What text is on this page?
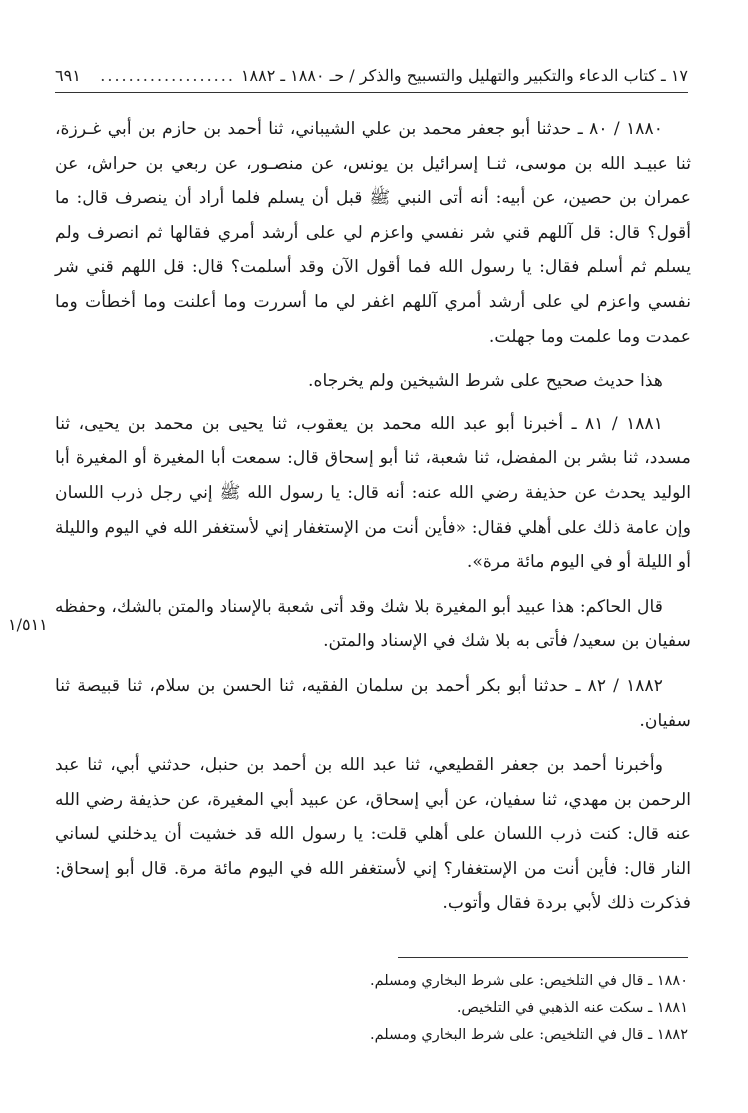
١٧ ـ كتاب الدعاء والتكبير والتهليل والتسبيح والذكر / حـ ١٨٨٠ ـ ١٨٨٢
...................
٦٩١

١٨٨٠ / ٨٠ ـ حدثنا أبو جعفر محمد بن علي الشيباني، ثنا أحمد بن حازم بن أبي غـرزة، ثنا عبيـد الله بن موسى، ثنـا إسرائيل بن يونس، عن منصـور، عن ربعي بن حراش، عن عمران بن حصين، عن أبيه: أنه أتى النبي ﷺ قبل أن يسلم فلما أراد أن ينصرف قال: ما أقول؟ قال: قل آللهم قني شر نفسي واعزم لي على أرشد أمري فقالها ثم انصرف ولم يسلم ثم أسلم فقال: يا رسول الله فما أقول الآن وقد أسلمت؟ قال: قل اللهم قني شر نفسي واعزم لي على أرشد أمري آللهم اغفر لي ما أسررت وما أعلنت وما أخطأت وما عمدت وما علمت وما جهلت.

هذا حديث صحيح على شرط الشيخين ولم يخرجاه.

١٨٨١ / ٨١ ـ أخبرنا أبو عبد الله محمد بن يعقوب، ثنا يحيى بن محمد بن يحيى، ثنا مسدد، ثنا بشر بن المفضل، ثنا شعبة، ثنا أبو إسحاق قال: سمعت أبا المغيرة أو المغيرة أبا الوليد يحدث عن حذيفة رضي الله عنه: أنه قال: يا رسول الله ﷺ إني رجل ذرب اللسان وإن عامة ذلك على أهلي فقال: «فأين أنت من الإستغفار إني لأستغفر الله في اليوم والليلة أو الليلة أو في اليوم مائة مرة».

قال الحاكم: هذا عبيد أبو المغيرة بلا شك وقد أتى شعبة بالإسناد والمتن بالشك، وحفظه سفيان بن سعيد/ فأتى به بلا شك في الإسناد والمتن.

١٨٨٢ / ٨٢ ـ حدثنا أبو بكر أحمد بن سلمان الفقيه، ثنا الحسن بن سلام، ثنا قبيصة ثنا سفيان.

وأخبرنا أحمد بن جعفر القطيعي، ثنا عبد الله بن أحمد بن حنبل، حدثني أبي، ثنا عبد الرحمن بن مهدي، ثنا سفيان، عن أبي إسحاق، عن عبيد أبي المغيرة، عن حذيفة رضي الله عنه قال: كنت ذرب اللسان على أهلي قلت: يا رسول الله قد خشيت أن يدخلني لساني النار قال: فأين أنت من الإستغفار؟ إني لأستغفر الله في اليوم مائة مرة. قال أبو إسحاق: فذكرت ذلك لأبي بردة فقال وأتوب.

١/٥١١

١٨٨٠ ـ قال في التلخيص: على شرط البخاري ومسلم.

١٨٨١ ـ سكت عنه الذهبي في التلخيص.

١٨٨٢ ـ قال في التلخيص: على شرط البخاري ومسلم.
